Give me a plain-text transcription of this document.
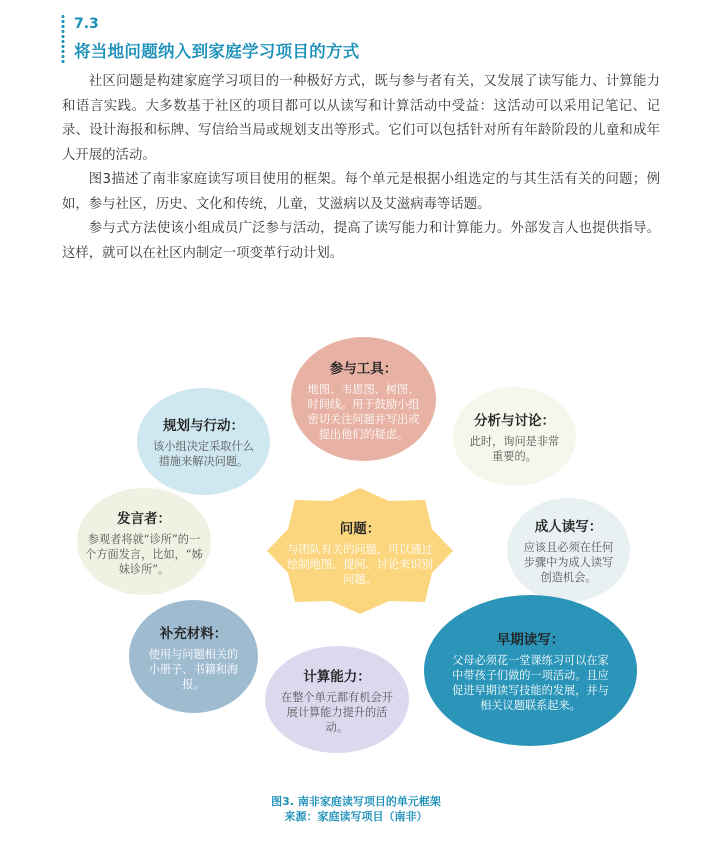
7.3
将当地问题纳入到家庭学习项目的方式

社区问题是构建家庭学习项目的一种极好方式，既与参与者有关，又发展了读写能力、计算能力和语言实践。大多数基于社区的项目都可以从读写和计算活动中受益：这活动可以采用记笔记、记录、设计海报和标牌、写信给当局或规划支出等形式。它们可以包括针对所有年龄阶段的儿童和成年人开展的活动。

图3描述了南非家庭读写项目使用的框架。每个单元是根据小组选定的与其生活有关的问题；例如，参与社区，历史、文化和传统，儿童，艾滋病以及艾滋病毒等话题。

参与式方法使该小组成员广泛参与活动，提高了读写能力和计算能力。外部发言人也提供指导。这样，就可以在社区内制定一项变革行动计划。

参与工具：
地图、韦恩图、树图、时间线。用于鼓励小组密切关注问题并写出或提出他们的疑虑。
规划与行动：
该小组决定采取什么措施来解决问题。
分析与讨论：
此时，询问是非常重要的。
发言者：
参观者将就“诊所”的一个方面发言，比如，“姊妹诊所”。
问题：
与团队有关的问题，可以通过绘制地图、提问、讨论来识别问题。
成人读写：
应该且必须在任何步骤中为成人读写创造机会。
补充材料：
使用与问题相关的小册子、书籍和海报。
早期读写：
父母必须花一堂课练习可以在家中带孩子们做的一项活动。且应促进早期读写技能的发展，并与相关议题联系起来。
计算能力：
在整个单元都有机会开展计算能力提升的活动。
图3. 南非家庭读写项目的单元框架
来源：家庭读写项目（南非）
